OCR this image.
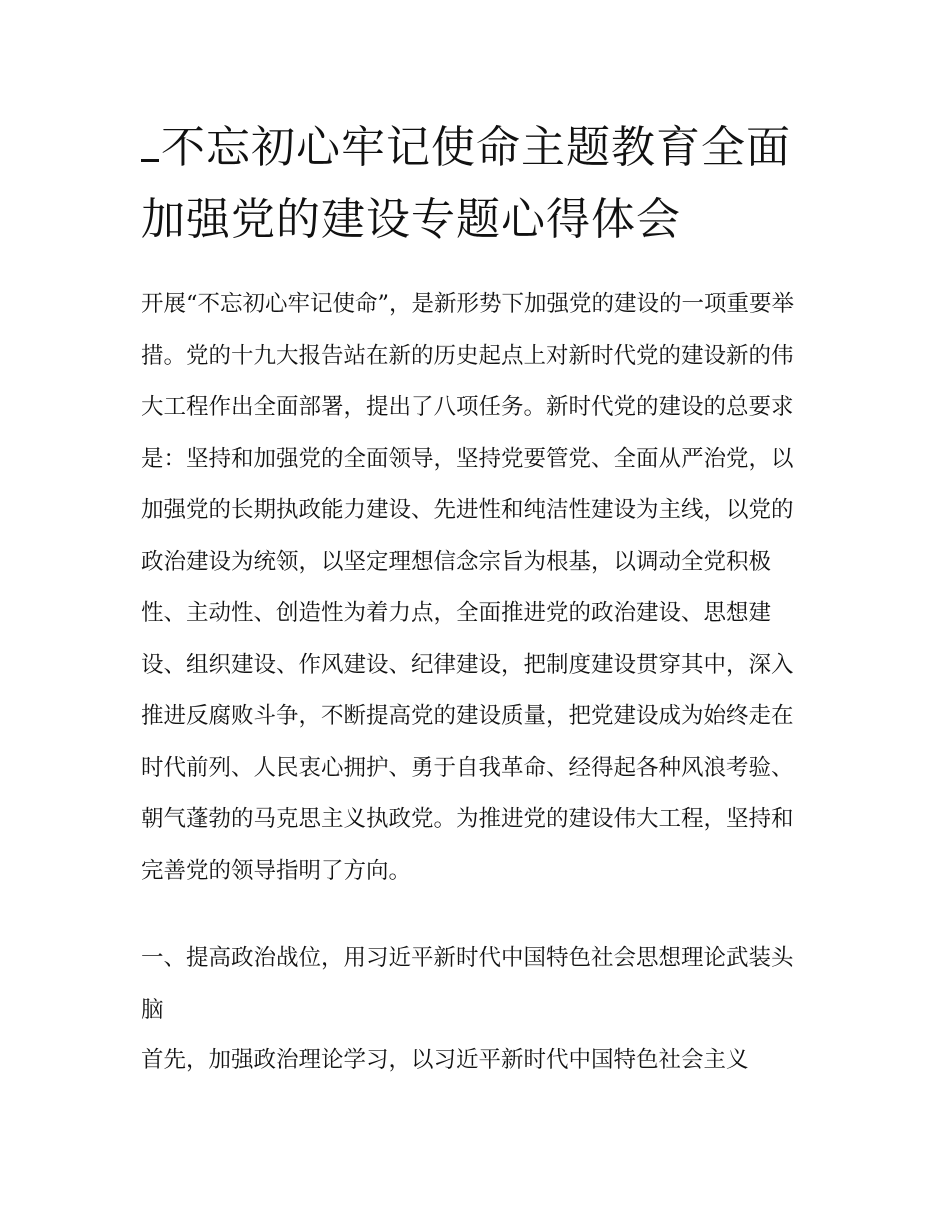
不忘初心牢记使命主题教育全面加强党的建设专题心得体会

开展“不忘初心牢记使命”，是新形势下加强党的建设的一项重要举措。党的十九大报告站在新的历史起点上对新时代党的建设新的伟大工程作出全面部署，提出了八项任务。新时代党的建设的总要求是：坚持和加强党的全面领导，坚持党要管党、全面从严治党，以加强党的长期执政能力建设、先进性和纯洁性建设为主线，以党的政治建设为统领，以坚定理想信念宗旨为根基，以调动全党积极性、主动性、创造性为着力点，全面推进党的政治建设、思想建设、组织建设、作风建设、纪律建设，把制度建设贯穿其中，深入推进反腐败斗争，不断提高党的建设质量，把党建设成为始终走在时代前列、人民衷心拥护、勇于自我革命、经得起各种风浪考验、朝气蓬勃的马克思主义执政党。为推进党的建设伟大工程，坚持和完善党的领导指明了方向。

一、提高政治战位，用习近平新时代中国特色社会思想理论武装头脑

首先，加强政治理论学习，以习近平新时代中国特色社会主义
